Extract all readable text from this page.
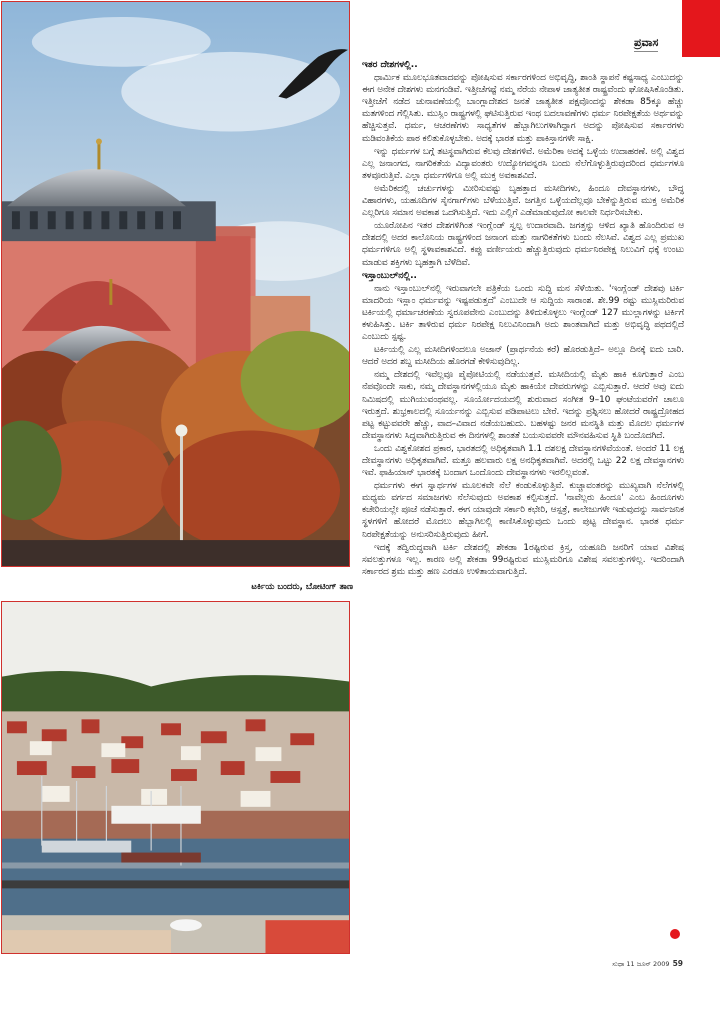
ಪ್ರವಾಸ
ಟರ್ಕಿಯ ಬಂದರು, ಬೋಟಿಂಗ್ ತಾಣ
ಇತರ ದೇಶಗಳಲ್ಲಿ..

ಧಾರ್ಮಿಕ ಮೂಲಭೂತವಾದವನ್ನು ಪೋಷಿಸುವ ಸರ್ಕಾರಗಳಿಂದ ಅಭಿವೃದ್ಧಿ, ಶಾಂತಿ ಸ್ಥಾಪನೆ ಕಷ್ಟಸಾಧ್ಯ ಎಂಬುದನ್ನು ಈಗ ಅನೇಕ ದೇಶಗಳು ಮನಗಂಡಿವೆ. ಇತ್ತೀಚೆಗಷ್ಟೆ ನಮ್ಮ ನೆರೆಯ ನೇಪಾಳ ಜಾತ್ಯತೀತ ರಾಷ್ಟ್ರವೆಂದು ಘೋಷಿಸಿಕೊಂಡಿತು. ಇತ್ತೀಚೆಗೆ ನಡೆದ ಚುನಾವಣೆಯಲ್ಲಿ ಬಾಂಗ್ಲಾದೇಶದ ಜನತೆ ಜಾತ್ಯತೀತ ಪಕ್ಷವೊಂದನ್ನು ಶೇಕಡಾ 85ಕ್ಕೂ ಹೆಚ್ಚು ಮತಗಳಿಂದ ಗೆಲ್ಲಿಸಿತು. ಮುಸ್ಲಿಂ ರಾಷ್ಟ್ರಗಳಲ್ಲಿ ಘಟಿಸುತ್ತಿರುವ ಇಂಥ ಬದಲಾವಣೆಗಳು ಧರ್ಮ ನಿರಪೇಕ್ಷತೆಯ ಅರ್ಥವನ್ನು ಹೆಚ್ಚಿಸುತ್ತವೆ. ಧರ್ಮ, ಆಚರಣೆಗಳು ಸಾಧ್ಯತೆಗಳ ಹೆಬ್ಬಾಗಿಲುಗಳಾಗಿದ್ದಾಗ ಅದನ್ನು ಪೋಷಿಸುವ ಸರ್ಕಾರಗಳು ಮಡಿವಂತಿಕೆಯ ಪಾಠ ಕಲಿತುಕೊಳ್ಳಬೇಕು. ಅದಕ್ಕೆ ಭಾರತ ಮತ್ತು ಪಾಕಿಸ್ತಾನಗಳೇ ಸಾಕ್ಷಿ.

ಇನ್ನು ಧರ್ಮಗಳ ಬಗ್ಗೆ ತಟಸ್ಥವಾಗಿರುವ ಕೆಲವು ದೇಶಗಳಿವೆ. ಅಮೆರಿಕಾ ಅದಕ್ಕೆ ಒಳ್ಳೆಯ ಉದಾಹರಣೆ. ಅಲ್ಲಿ ವಿಶ್ವದ ಎಲ್ಲ ಜನಾಂಗದ, ನಾಗರಿಕತೆಯ ವಿದ್ಯಾವಂತರು ಉದ್ಯೋಗವನ್ನರಸಿ ಬಂದು ನೆಲೆಗೊಳ್ಳುತ್ತಿರುವುದರಿಂದ ಧರ್ಮಗಳೂ ತಳವೂರುತ್ತಿವೆ. ಎಲ್ಲಾ ಧರ್ಮಗಳಿಗೂ ಅಲ್ಲಿ ಮುಕ್ತ ಅವಕಾಶವಿದೆ.

ಅಮೆರಿಕದಲ್ಲಿ ಚರ್ಚುಗಳನ್ನು ಮೀರಿಸುವಷ್ಟು ಬೃಹತ್ತಾದ ಮಸೀದಿಗಳು, ಹಿಂದೂ ದೇವಸ್ಥಾನಗಳು, ಬೌದ್ಧ ವಿಹಾರಗಳು, ಯಹೂದಿಗಳ ಸೈನಗಾಗ್‌ಗಳು ಬೆಳೆಯುತ್ತಿವೆ. ಜಗತ್ತಿನ ಒಳ್ಳೆಯದೆಲ್ಲವೂ ಬೇಕೆನ್ನುತ್ತಿರುವ ಮುಕ್ತ ಅಮೆರಿಕ ಎಲ್ಲರಿಗೂ ಸಮಾನ ಅವಕಾಶ ಒದಗಿಸುತ್ತಿದೆ. ಇದು ಎಲ್ಲಿಗೆ ಎಡೆಮಾಡುವುದೋ ಕಾಲವೇ ನಿರ್ಧರಿಸಬೇಕು.

ಯೂರೋಪಿನ ಇತರ ದೇಶಗಳಿಗಿಂತ ಇಂಗ್ಲೆಂಡ್ ಸ್ವಲ್ಪ ಉದಾರವಾದಿ. ಜಗತ್ತನ್ನು ಆಳಿದ ಖ್ಯಾತಿ ಹೊಂದಿರುವ ಆ ದೇಶದಲ್ಲಿ ಅದರ ಕಾಲೊನಿಯ ರಾಷ್ಟ್ರಗಳಿಂದ ಜನಾಂಗ ಮತ್ತು ನಾಗರಿಕತೆಗಳು ಬಂದು ನೆಲಸಿವೆ. ವಿಶ್ವದ ಎಲ್ಲ ಪ್ರಮುಖ ಧರ್ಮಗಳಿಗೂ ಅಲ್ಲಿ ಸ್ಥಳಾವಕಾಶವಿದೆ. ಕಪ್ಪು ವರ್ಣೀಯರು ಹೆಚ್ಚುತ್ತಿರುವುದು ಧರ್ಮನಿರಪೇಕ್ಷ ನಿಲುವಿಗೆ ಧಕ್ಕೆ ಉಂಟು ಮಾಡುವ ಶಕ್ತಿಗಳು ಬೃಹತ್ತಾಗಿ ಬೆಳೆದಿವೆ.

ಇಸ್ತಾಂಬುಲ್‌ನಲ್ಲಿ..

ನಾನು ಇಸ್ತಾಂಬುಲ್‌ನಲ್ಲಿ ಇರುವಾಗಲೇ ಪತ್ರಿಕೆಯ ಒಂದು ಸುದ್ದಿ ಮನ ಸೆಳೆಯಿತು. 'ಇಂಗ್ಲೆಂಡ್ ದೇಶವು ಟರ್ಕಿ ಮಾದರಿಯ ಇಸ್ಲಾಂ ಧರ್ಮವನ್ನು ಇಷ್ಟಪಡುತ್ತದೆ' ಎಂಬುದೇ ಆ ಸುದ್ದಿಯ ಸಾರಾಂಶ. ಶೇ.99 ರಷ್ಟು ಮುಸ್ಲಿಮರಿರುವ ಟರ್ಕಿಯಲ್ಲಿ ಧರ್ಮಾಚರಣೆಯ ಸ್ವರೂಪವೇನು ಎಂಬುದನ್ನು ತಿಳಿದುಕೊಳ್ಳಲು ಇಂಗ್ಲೆಂಡ್ 127 ಮುಲ್ಲಾಗಳನ್ನು ಟರ್ಕಿಗೆ ಕಳುಹಿಸಿತ್ತು. ಟರ್ಕಿ ತಾಳಿರುವ ಧರ್ಮ ನಿರಪೇಕ್ಷ ನಿಲುವಿನಿಂದಾಗಿ ಅದು ಶಾಂತವಾಗಿದೆ ಮತ್ತು ಅಭಿವೃದ್ಧಿ ಪಥದಲ್ಲಿದೆ ಎಂಬುದು ಸ್ಪಷ್ಟ.

ಟರ್ಕಿಯಲ್ಲಿ ಎಲ್ಲ ಮಸೀದಿಗಳಿಂದಲೂ ಅಜಾನ್ (ಪ್ರಾರ್ಥನೆಯ ಕರೆ) ಹೊರಡುತ್ತಿದೆ– ಅಲ್ಲೂ ದಿನಕ್ಕೆ ಐದು ಬಾರಿ. ಆದರೆ ಅದರ ಶಬ್ದ ಮಸೀದಿಯ ಹೊರಗಡೆ ಕೇಳಿಸುವುದಿಲ್ಲ.

ನಮ್ಮ ದೇಶದಲ್ಲಿ ಇವೆಲ್ಲವೂ ಪೈಪೋಟಿಯಲ್ಲಿ ನಡೆಯುತ್ತವೆ. ಮಸೀದಿಯಲ್ಲಿ ಮೈಕು ಹಾಕಿ ಕೂಗುತ್ತಾರೆ ಎಂಬ ನೆಪವೊಂದೇ ಸಾಕು, ನಮ್ಮ ದೇವಸ್ಥಾನಗಳಲ್ಲಿಯೂ ಮೈಕು ಹಾಕಿಯೇ ದೇವರುಗಳನ್ನು ಎಬ್ಬಿಸುತ್ತಾರೆ. ಆದರೆ ಅವು ಐದು ನಿಮಿಷದಲ್ಲಿ ಮುಗಿಯುವಂಥವಲ್ಲ. ಸೂರ್ಯೋದಯದಲ್ಲಿ ಶುರುವಾದ ಸಂಗೀತ 9–10 ಘಂಟೆಯವರೆಗೆ ಚಾಲೂ ಇರುತ್ತದೆ. ಶುಭ್ರಕಾಲದಲ್ಲಿ ಸೂರ್ಯನನ್ನು ಎಬ್ಬಿಸುವ ಪಡಿಪಾಟಲು ಬೇರೆ. ಇದನ್ನು ಪ್ರಶ್ನಿಸಲು ಹೋದರೆ ರಾಷ್ಟ್ರದ್ರೋಹದ ಪಟ್ಟ ಕಟ್ಟುವವರೇ ಹೆಚ್ಚು, ವಾದ–ವಿವಾದ ನಡೆಯಬಹುದು. ಬಹಳಷ್ಟು ಜನರ ಮನಸ್ಥಿತಿ ಮತ್ತು ಮೊದಲ ಧರ್ಮಗಳ ದೇವಸ್ಥಾನಗಳು ಸಿದ್ಧವಾಗಿರುತ್ತಿರುವ ಈ ದಿನಗಳಲ್ಲಿ ಶಾಂತತೆ ಬಯಸುವವರೇ ಮೌನವಹಿಸುವ ಸ್ಥಿತಿ ಬಂದೊದಗಿದೆ.

ಒಂದು ವಿಶ್ವಕೋಶದ ಪ್ರಕಾರ, ಭಾರತದಲ್ಲಿ ಅಧಿಕೃತವಾಗಿ 1.1 ದಶಲಕ್ಷ ದೇವಸ್ಥಾನಗಳಿವೆಯಂತೆ. ಅಂದರೆ 11 ಲಕ್ಷ ದೇವಸ್ಥಾನಗಳು ಅಧಿಕೃತವಾಗಿವೆ. ಮತ್ತೂ ಹಲವಾರು ಲಕ್ಷ ಅನಧಿಕೃತವಾಗಿವೆ. ಅದರಲ್ಲಿ ಒಟ್ಟು 22 ಲಕ್ಷ ದೇವಸ್ಥಾನಗಳು ಇವೆ. ಫಾಹಿಯಾನ್ ಭಾರತಕ್ಕೆ ಬಂದಾಗ ಒಂದೊಂದು ದೇವಸ್ಥಾನಗಳು ಇರಲಿಲ್ಲವಂತೆ.

ಧರ್ಮಗಳು ಈಗ ಸ್ವಾರ್ಥಗಳ ಮೂಲಕವೇ ನೆಲೆ ಕಂಡುಕೊಳ್ಳುತ್ತಿವೆ. ಕುಚ್ಚಾವಂತರನ್ನು ಮುಖ್ಯವಾಗಿ ನೆಲೆಗಳಲ್ಲಿ ಮಧ್ಯಮ ವರ್ಗದ ಸಮಾಜಗಳು ನೆಲೆಸುವುದು ಅವಕಾಶ ಕಲ್ಪಿಸುತ್ತದೆ. 'ನಾವೆಲ್ಲರು ಹಿಂದೂ' ಎಂಬ ಹಿಂದೂಗಳು ಕಚೇರಿಯಲ್ಲೇ ಪೂಜೆ ನಡೆಸುತ್ತಾರೆ. ಈಗ ಯಾವುದೇ ಸರ್ಕಾರಿ ಕಛೇರಿ, ಆಸ್ಪತ್ರೆ, ಕಾಲೇಜುಗಳೇ ಇಡುವುದನ್ನು ಸಾರ್ವಜನಿಕ ಸ್ಥಳಗಳಿಗೆ ಹೋದರೆ ಮೊದಲು ಹೆಬ್ಬಾಗಿಲಲ್ಲಿ ಕಾಣಿಸಿಕೊಳ್ಳುವುದು ಒಂದು ಪುಟ್ಟ ದೇವಸ್ಥಾನ. ಭಾರತ ಧರ್ಮ ನಿರಪೇಕ್ಷತೆಯನ್ನು ಅನುಸರಿಸುತ್ತಿರುವುದು ಹೀಗೆ.

ಇದಕ್ಕೆ ತದ್ವಿರುದ್ಧವಾಗಿ ಟರ್ಕಿ ದೇಶದಲ್ಲಿ ಶೇಕಡಾ 1ರಷ್ಟಿರುವ ಕ್ರಿಸ್ತ, ಯಹೂದಿ ಜನರಿಗೆ ಯಾವ ವಿಶೇಷ ಸವಲತ್ತುಗಳೂ ಇಲ್ಲ. ಕಾರಣ ಅಲ್ಲಿ ಶೇಕಡಾ 99ರಷ್ಟಿರುವ ಮುಸ್ಲಿಮರಿಗೂ ವಿಶೇಷ ಸವಲತ್ತುಗಳಿಲ್ಲ. ಇದರಿಂದಾಗಿ ಸರ್ಕಾರದ ಶ್ರಮ ಮತ್ತು ಹಣ ಎರಡೂ ಉಳಿತಾಯವಾಗುತ್ತಿದೆ.

ಸುಧಾ 11 ಜೂನ್ 2009 59
